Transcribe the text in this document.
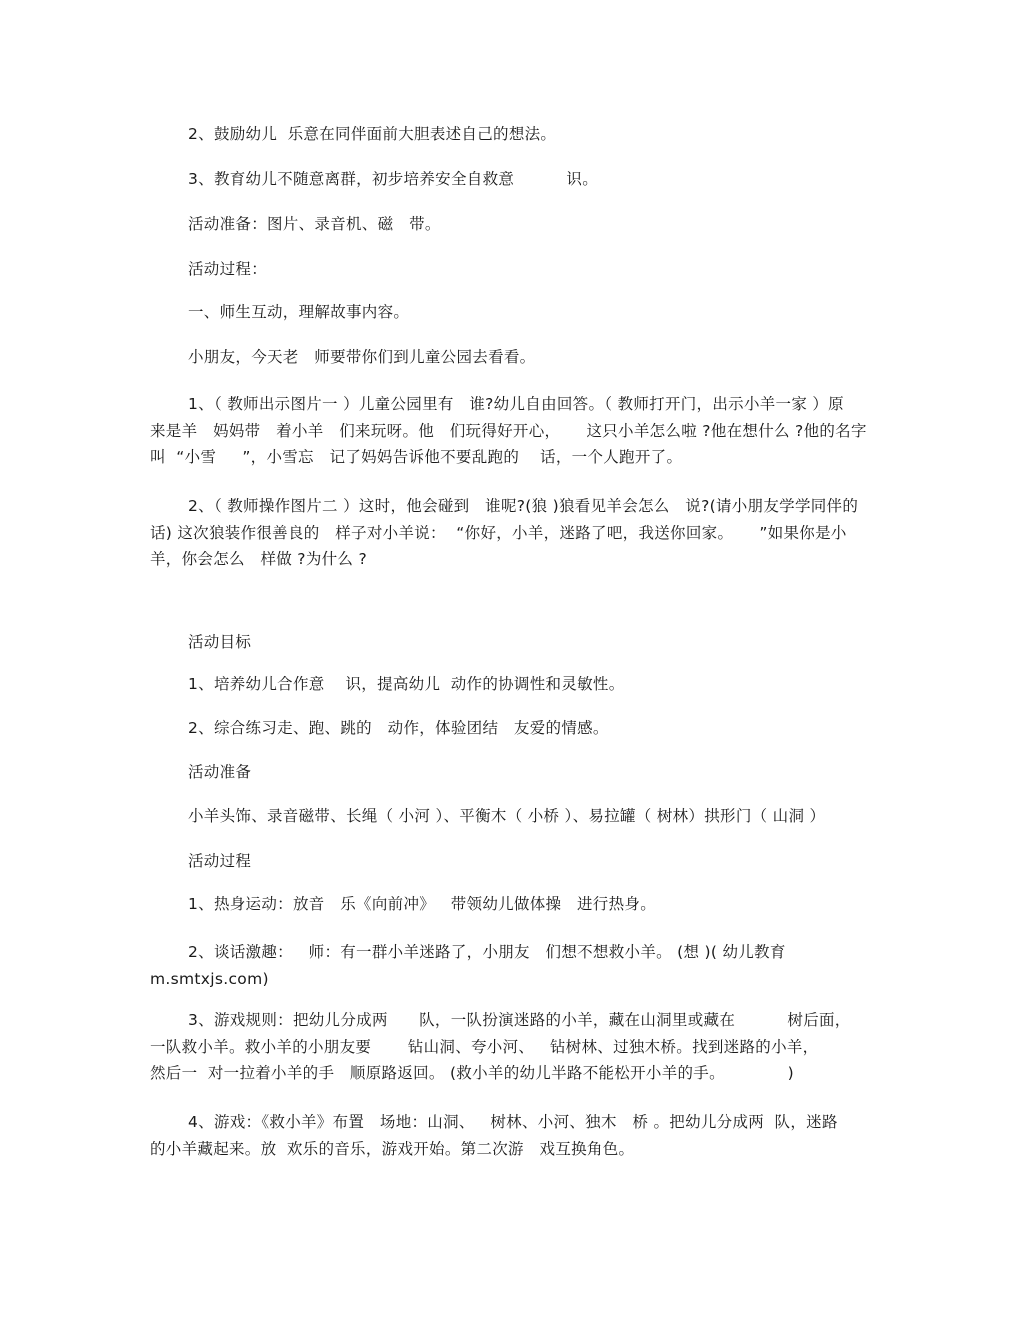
2、鼓励幼儿  乐意在同伴面前大胆表述自己的想法。
3、教育幼儿不随意离群，初步培养安全自救意          识。
活动准备：图片、录音机、磁   带。
活动过程：
一、师生互动，理解故事内容。
小朋友，今天老   师要带你们到儿童公园去看看。
1、（ 教师出示图片一 ）儿童公园里有   谁?幼儿自由回答。（ 教师打开门，出示小羊一家 ）原
来是羊   妈妈带   着小羊   们来玩呀。他   们玩得好开心，     这只小羊怎么啦 ?他在想什么 ?他的名字
叫  “小雪     ”，小雪忘   记了妈妈告诉他不要乱跑的    话，一个人跑开了。
2、（ 教师操作图片二 ）这时，他会碰到   谁呢?(狼 )狼看见羊会怎么   说?(请小朋友学学同伴的
话) 这次狼装作很善良的   样子对小羊说：  “你好，小羊，迷路了吧，我送你回家。     ”如果你是小
羊，你会怎么   样做 ?为什么 ?
活动目标
1、培养幼儿合作意    识，提高幼儿  动作的协调性和灵敏性。
2、综合练习走、跑、跳的   动作，体验团结   友爱的情感。
活动准备
小羊头饰、录音磁带、长绳（ 小河 ）、平衡木（ 小桥 ）、易拉罐（ 树林）拱形门（ 山洞 ）
活动过程
1、热身运动：放音   乐《向前冲》   带领幼儿做体操   进行热身。
2、谈话激趣：   师：有一群小羊迷路了，小朋友   们想不想救小羊。 (想 )( 幼儿教育
m.smtxjs.com)
3、游戏规则：把幼儿分成两      队，一队扮演迷路的小羊，藏在山洞里或藏在          树后面，
一队救小羊。救小羊的小朋友要       钻山洞、夸小河、   钻树林、过独木桥。找到迷路的小羊，
然后一  对一拉着小羊的手   顺原路返回。 (救小羊的幼儿半路不能松开小羊的手。            )
4、游戏：《救小羊》布置   场地：山洞、   树林、小河、独木   桥 。把幼儿分成两  队，迷路
的小羊藏起来。放  欢乐的音乐，游戏开始。第二次游   戏互换角色。
